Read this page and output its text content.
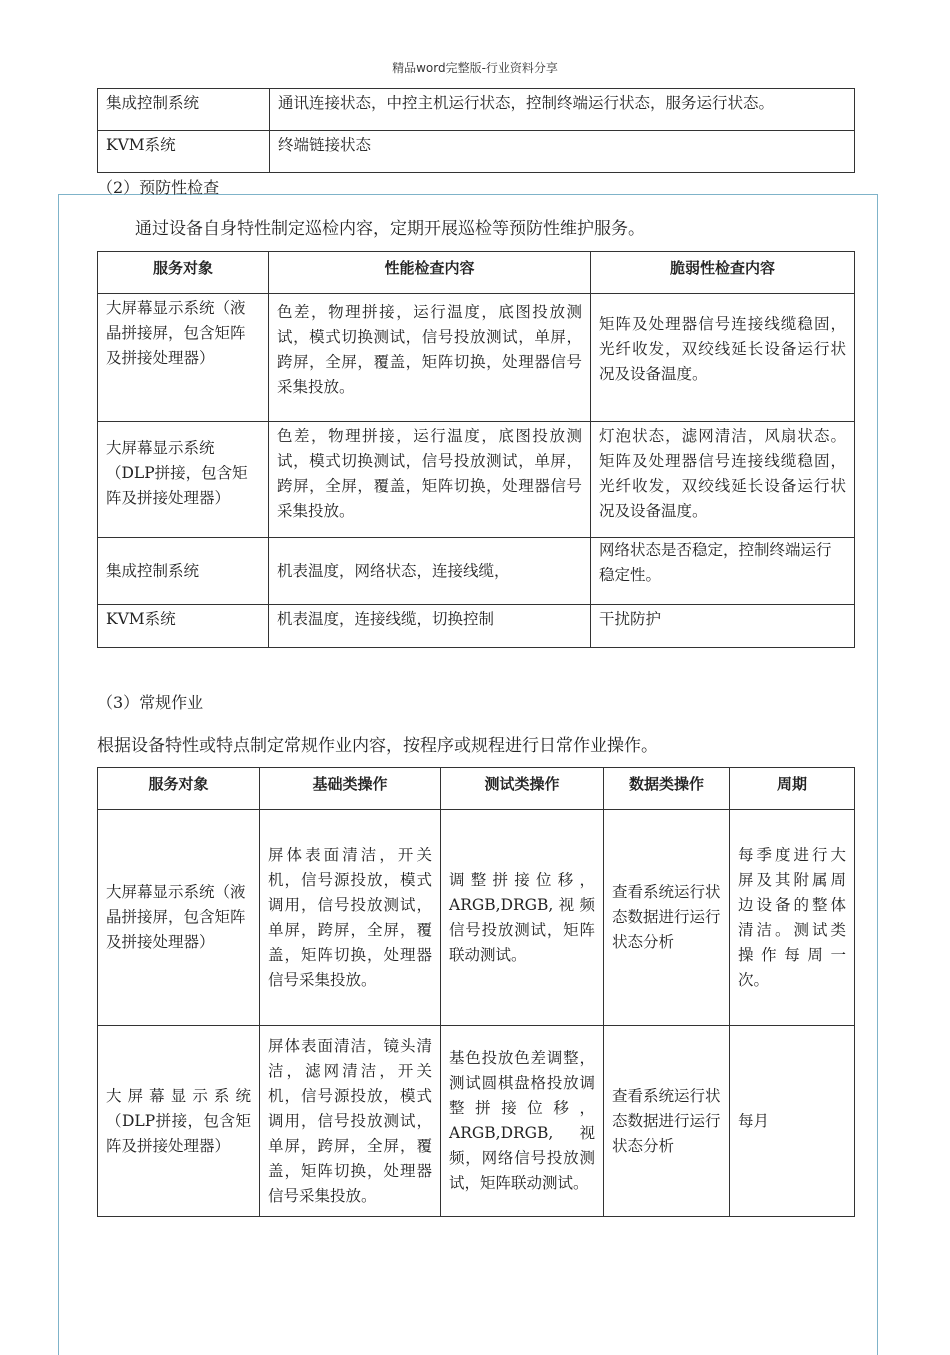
精品word完整版-行业资料分享
集成控制系统	通讯连接状态，中控主机运行状态，控制终端运行状态，服务运行状态。
KVM系统	终端链接状态
（2）预防性检查
通过设备自身特性制定巡检内容，定期开展巡检等预防性维护服务。
服务对象	性能检查内容	脆弱性检查内容
大屏幕显示系统（液晶拼接屏，包含矩阵及拼接处理器）	色差，物理拼接，运行温度，底图投放测试，模式切换测试，信号投放测试，单屏，跨屏，全屏，覆盖，矩阵切换，处理器信号采集投放。	矩阵及处理器信号连接线缆稳固，光纤收发，双绞线延长设备运行状况及设备温度。
大屏幕显示系统（DLP拼接，包含矩阵及拼接处理器）	色差，物理拼接，运行温度，底图投放测试，模式切换测试，信号投放测试，单屏，跨屏，全屏，覆盖，矩阵切换，处理器信号采集投放。	灯泡状态，滤网清洁，风扇状态。矩阵及处理器信号连接线缆稳固，光纤收发，双绞线延长设备运行状况及设备温度。
集成控制系统	机表温度，网络状态，连接线缆，	网络状态是否稳定，控制终端运行稳定性。
KVM系统	机表温度，连接线缆，切换控制	干扰防护
（3）常规作业
根据设备特性或特点制定常规作业内容，按程序或规程进行日常作业操作。
服务对象	基础类操作	测试类操作	数据类操作	周期
大屏幕显示系统（液晶拼接屏，包含矩阵及拼接处理器）	屏体表面清洁，开关机，信号源投放，模式调用，信号投放测试，单屏，跨屏，全屏，覆盖，矩阵切换，处理器信号采集投放。	调整拼接位移，ARGB,DRGB,视频信号投放测试，矩阵联动测试。	查看系统运行状态数据进行运行状态分析	每季度进行大屏及其附属周边设备的整体清洁。测试类操作每周一次。
大屏幕显示系统（DLP拼接，包含矩阵及拼接处理器）	屏体表面清洁，镜头清洁，滤网清洁，开关机，信号源投放，模式调用，信号投放测试，单屏，跨屏，全屏，覆盖，矩阵切换，处理器信号采集投放。	基色投放色差调整，测试圆棋盘格投放调整拼接位移，ARGB,DRGB,视频，网络信号投放测试，矩阵联动测试。	查看系统运行状态数据进行运行状态分析	每月
